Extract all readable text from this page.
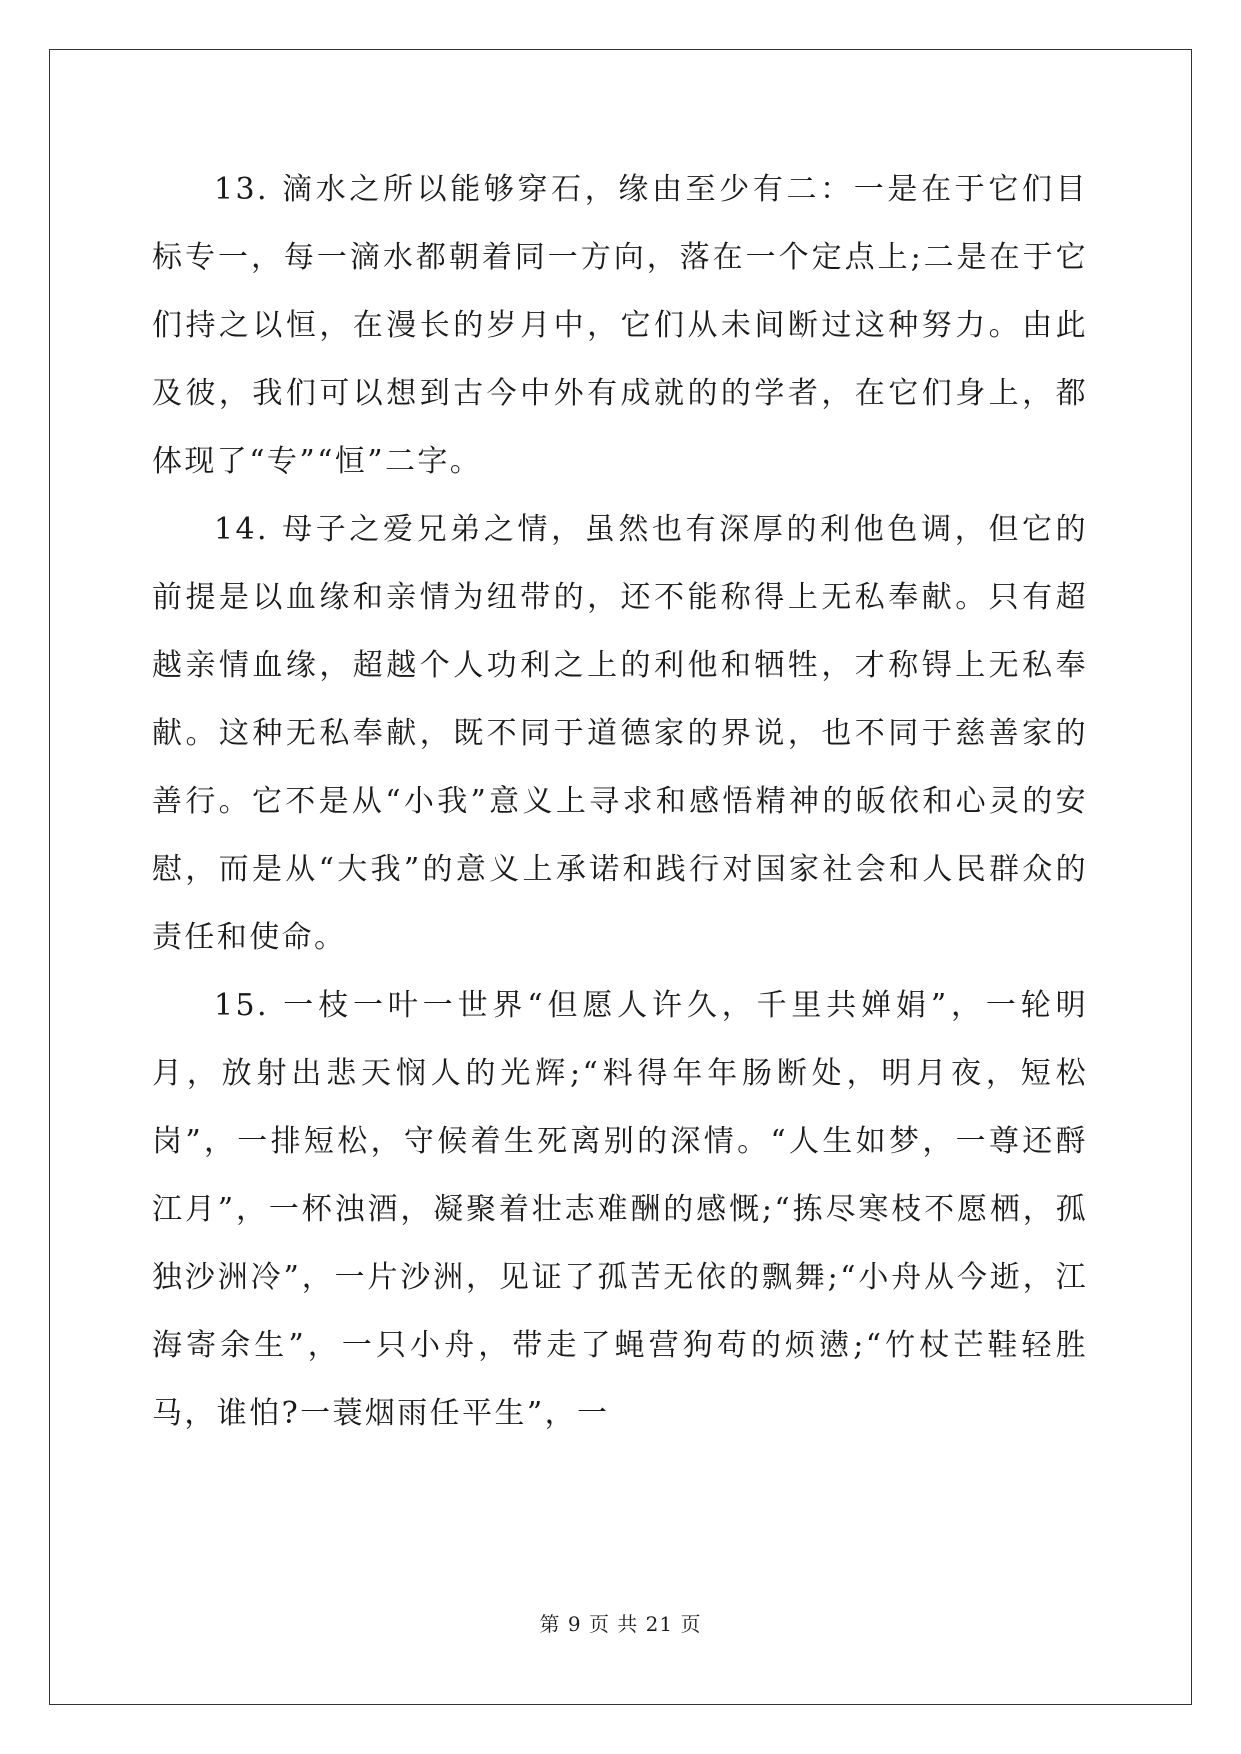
13. 滴水之所以能够穿石，缘由至少有二：一是在于它们目标专一，每一滴水都朝着同一方向，落在一个定点上;二是在于它们持之以恒，在漫长的岁月中，它们从未间断过这种努力。由此及彼，我们可以想到古今中外有成就的的学者，在它们身上，都体现了“专”“恒”二字。

14. 母子之爱兄弟之情，虽然也有深厚的利他色调，但它的前提是以血缘和亲情为纽带的，还不能称得上无私奉献。只有超越亲情血缘，超越个人功利之上的利他和牺牲，才称锝上无私奉献。这种无私奉献，既不同于道德家的界说，也不同于慈善家的善行。它不是从“小我”意义上寻求和感悟精神的皈依和心灵的安慰，而是从“大我”的意义上承诺和践行对国家社会和人民群众的责任和使命。

15. 一枝一叶一世界“但愿人许久，千里共婵娟”，一轮明月，放射出悲天悯人的光辉;“料得年年肠断处，明月夜，短松岗”，一排短松，守候着生死离别的深情。“人生如梦，一尊还酹江月”，一杯浊酒，凝聚着壮志难酬的感慨;“拣尽寒枝不愿栖，孤独沙洲冷”，一片沙洲，见证了孤苦无依的飘舞;“小舟从今逝，江海寄余生”，一只小舟，带走了蝇营狗苟的烦懑;“竹杖芒鞋轻胜马，谁怕?一蓑烟雨任平生”，一

第 9 页 共 21 页
